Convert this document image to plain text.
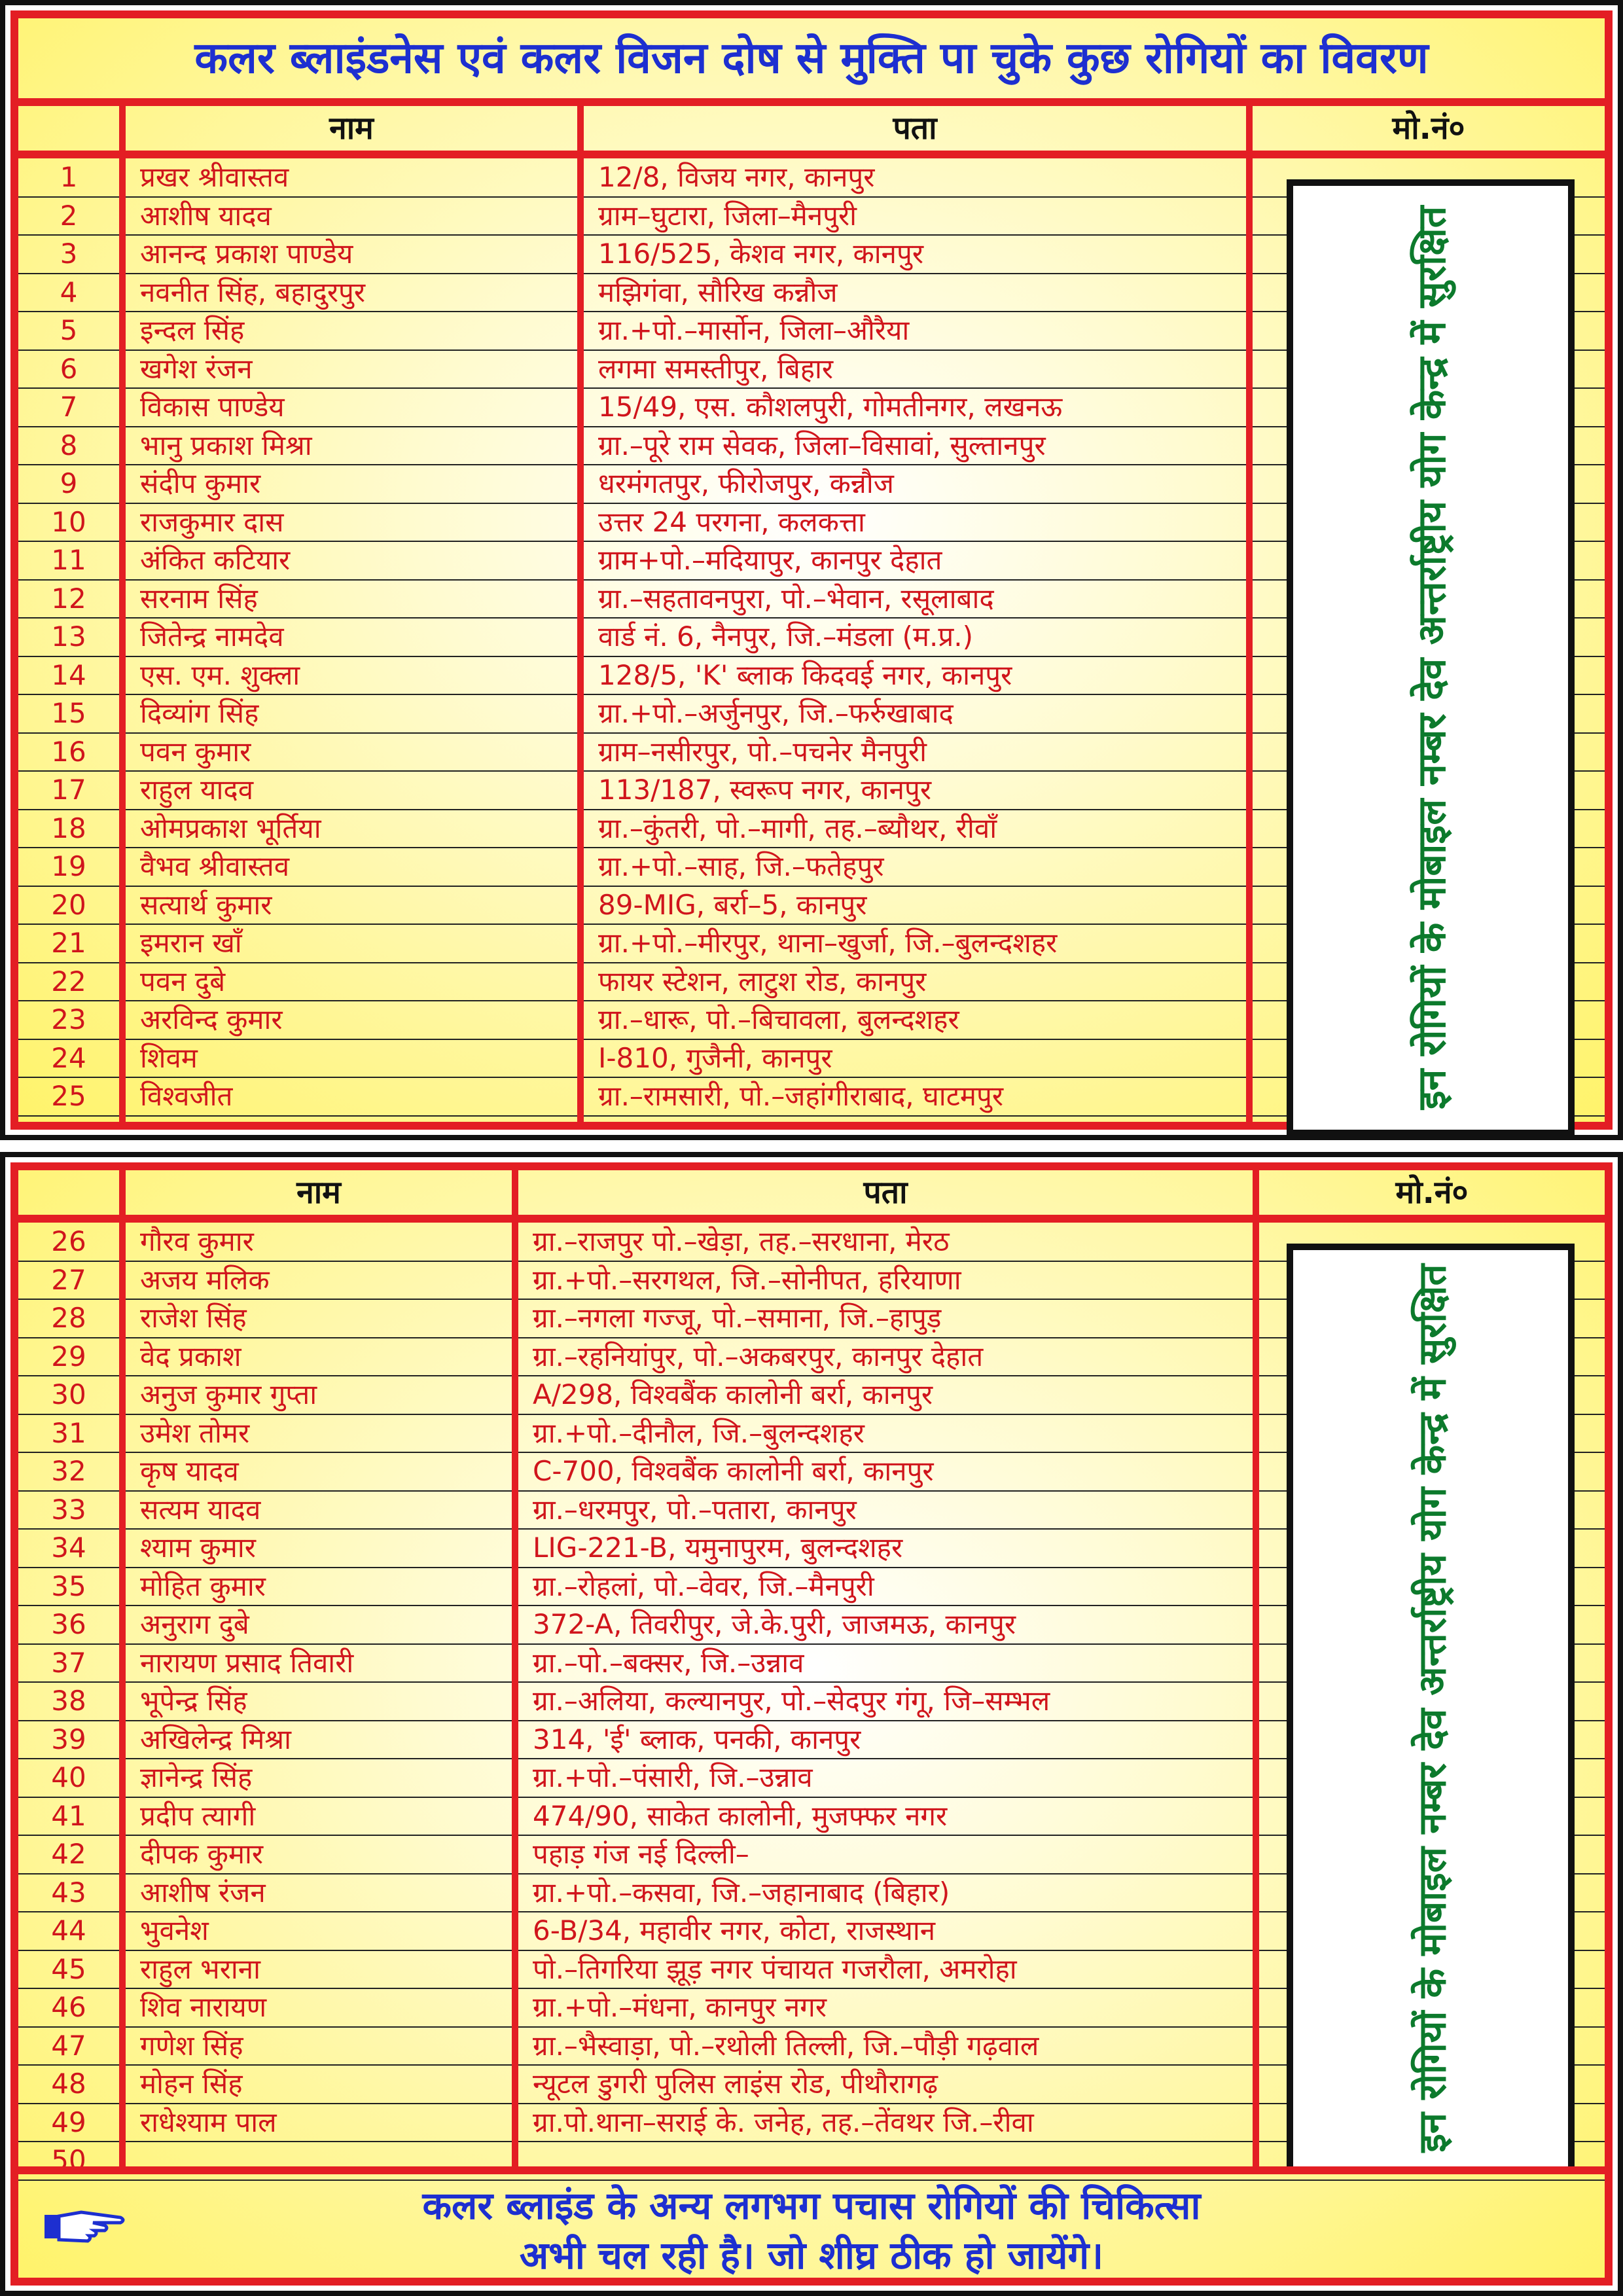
कलर ब्लाइंडनेस एवं कलर विजन दोष से मुक्ति पा चुके कुछ रोगियों का विवरण
नाम	पता	मो.नं०
1	प्रखर श्रीवास्तव	12/8, विजय नगर, कानपुर
2	आशीष यादव	ग्राम–घुटारा, जिला–मैनपुरी
3	आनन्द प्रकाश पाण्डेय	116/525, केशव नगर, कानपुर
4	नवनीत सिंह, बहादुरपुर	मझिगंवा, सौरिख कन्नौज
5	इन्दल सिंह	ग्रा.+पो.–मार्सोन, जिला–औरैया
6	खगेश रंजन	लगमा समस्तीपुर, बिहार
7	विकास पाण्डेय	15/49, एस. कौशलपुरी, गोमतीनगर, लखनऊ
8	भानु प्रकाश मिश्रा	ग्रा.–पूरे राम सेवक, जिला–विसावां, सुल्तानपुर
9	संदीप कुमार	धरमंगतपुर, फीरोजपुर, कन्नौज
10	राजकुमार दास	उत्तर 24 परगना, कलकत्ता
11	अंकित कटियार	ग्राम+पो.–मदियापुर, कानपुर देहात
12	सरनाम सिंह	ग्रा.–सहतावनपुरा, पो.–भेवान, रसूलाबाद
13	जितेन्द्र नामदेव	वार्ड नं. 6, नैनपुर, जि.–मंडला (म.प्र.)
14	एस. एम. शुक्ला	128/5, 'K' ब्लाक किदवई नगर, कानपुर
15	दिव्यांग सिंह	ग्रा.+पो.–अर्जुनपुर, जि.–फर्रुखाबाद
16	पवन कुमार	ग्राम–नसीरपुर, पो.–पचनेर मैनपुरी
17	राहुल यादव	113/187, स्वरूप नगर, कानपुर
18	ओमप्रकाश भूर्तिया	ग्रा.–कुंतरी, पो.–मागी, तह.–ब्यौथर, रीवाँ
19	वैभव श्रीवास्तव	ग्रा.+पो.–साह, जि.–फतेहपुर
20	सत्यार्थ कुमार	89-MIG, बर्रा–5, कानपुर
21	इमरान खाँ	ग्रा.+पो.–मीरपुर, थाना–खुर्जा, जि.–बुलन्दशहर
22	पवन दुबे	फायर स्टेशन, लाटुश रोड, कानपुर
23	अरविन्द कुमार	ग्रा.–धारू, पो.–बिचावला, बुलन्दशहर
24	शिवम	I-810, गुजैनी, कानपुर
25	विश्वजीत	ग्रा.–रामसारी, पो.–जहांगीराबाद, घाटमपुर	इन रोगियों के मोबाइल नम्बर देव अन्तर्राष्ट्रीय योग केन्द्र में सुरक्षित
नाम	पता	मो.नं०
26	गौरव कुमार	ग्रा.–राजपुर पो.–खेड़ा, तह.–सरधाना, मेरठ
27	अजय मलिक	ग्रा.+पो.–सरगथल, जि.–सोनीपत, हरियाणा
28	राजेश सिंह	ग्रा.–नगला गज्जू, पो.–समाना, जि.–हापुड़
29	वेद प्रकाश	ग्रा.–रहनियांपुर, पो.–अकबरपुर, कानपुर देहात
30	अनुज कुमार गुप्ता	A/298, विश्वबैंक कालोनी बर्रा, कानपुर
31	उमेश तोमर	ग्रा.+पो.–दीनौल, जि.–बुलन्दशहर
32	कृष यादव	C-700, विश्वबैंक कालोनी बर्रा, कानपुर
33	सत्यम यादव	ग्रा.–धरमपुर, पो.–पतारा, कानपुर
34	श्याम कुमार	LIG-221-B, यमुनापुरम, बुलन्दशहर
35	मोहित कुमार	ग्रा.–रोहलां, पो.–वेवर, जि.–मैनपुरी
36	अनुराग दुबे	372-A, तिवरीपुर, जे.के.पुरी, जाजमऊ, कानपुर
37	नारायण प्रसाद तिवारी	ग्रा.–पो.–बक्सर, जि.–उन्नाव
38	भूपेन्द्र सिंह	ग्रा.–अलिया, कल्यानपुर, पो.–सेदपुर गंगू, जि–सम्भल
39	अखिलेन्द्र मिश्रा	314, 'ई' ब्लाक, पनकी, कानपुर
40	ज्ञानेन्द्र सिंह	ग्रा.+पो.–पंसारी, जि.–उन्नाव
41	प्रदीप त्यागी	474/90, साकेत कालोनी, मुजफ्फर नगर
42	दीपक कुमार	पहाड़ गंज नई दिल्ली–
43	आशीष रंजन	ग्रा.+पो.–कसवा, जि.–जहानाबाद (बिहार)
44	भुवनेश	6-B/34, महावीर नगर, कोटा, राजस्थान
45	राहुल भराना	पो.–तिगरिया झूड़ नगर पंचायत गजरौला, अमरोहा
46	शिव नारायण	ग्रा.+पो.–मंधना, कानपुर नगर
47	गणेश सिंह	ग्रा.–भैस्वाड़ा, पो.–रथोली तिल्ली, जि.–पौड़ी गढ़वाल
48	मोहन सिंह	न्यूटल डुगरी पुलिस लाइंस रोड, पीथौरागढ़
49	राधेश्याम पाल	ग्रा.पो.थाना–सराई के. जनेह, तह.–तेंवथर जि.–रीवा
50
इन रोगियों के मोबाइल नम्बर देव अन्तर्राष्ट्रीय योग केन्द्र में सुरक्षित
कलर ब्लाइंड के अन्य लगभग पचास रोगियों की चिकित्सा
अभी चल रही है। जो शीघ्र ठीक हो जायेंगे।
